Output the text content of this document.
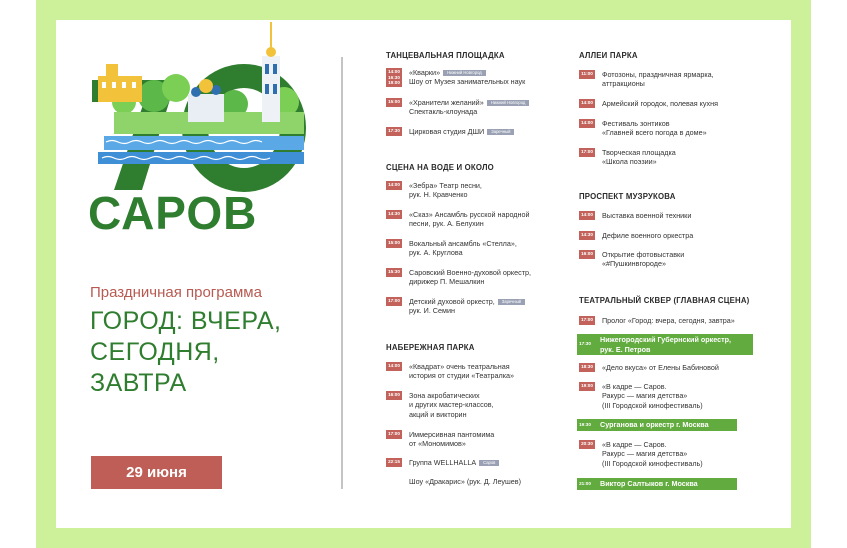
САРОВ
Праздничная программа
ГОРОД: ВЧЕРА,
СЕГОДНЯ,
ЗАВТРА
29 июня
ТАНЦЕВАЛЬНАЯ ПЛОЩАДКА
14:00
16:30
19:00
«Кварки» Нижний Новгород
Шоу от Музея занимательных наук
15:00 «Хранители желаний» Нижний Новгород
Спектакль-клоунада
17:30 Цирковая студия ДШИ Заречный
СЦЕНА НА ВОДЕ И ОКОЛО
14:00 «Зебра» Театр песни,
рук. Н. Кравченко
14:30 «Сказ» Ансамбль русской народной
песни, рук. А. Белухин
15:00 Вокальный ансамбль «Стелла»,
рук. А. Круглова
15:30 Саровский Военно-духовой оркестр,
дирижер П. Мешалкин
17:00 Детский духовой оркестр, Заречный
рук. И. Семин
НАБЕРЕЖНАЯ ПАРКА
14:00 «Квадрат» очень театральная
история от студии «Театралка»
16:00 Зона акробатических
и других мастер-классов,
акций и викторин
17:00 Иммерсивная пантомима
от «Мономимов»
22:15 Группа WELLHALLA Саров
Шоу «Дракарис» (рук. Д. Леушев)
АЛЛЕИ ПАРКА
11:00	Фотозоны, праздничная ярмарка,
аттракционы
14:00 Армейский городок, полевая кухня
14:00 Фестиваль зонтиков
«Главней всего погода в доме»
17:00 Творческая площадка
«Школа поэзии»
ПРОСПЕКТ МУЗРУКОВА
14:00 Выставка военной техники
14:30 Дефиле военного оркестра
16:00 Открытие фотовыставки
«#Пушкинвгороде»
ТЕАТРАЛЬНЫЙ СКВЕР (ГЛАВНАЯ СЦЕНА)
17:00 Пролог «Город: вчера, сегодня, завтра»
17:30 Нижегородский Губернский оркестр,
рук. Е. Петров
18:30 «Дело вкуса» от Елены Бабиновой
19:00 «В кадре — Саров.
Ракурс — магия детства»
(III Городской кинофестиваль)
19:30 Сурганова и оркестр г. Москва
20:30 «В кадре — Саров.
Ракурс — магия детства»
(III Городской кинофестиваль)
21:00 Виктор Салтыков г. Москва
